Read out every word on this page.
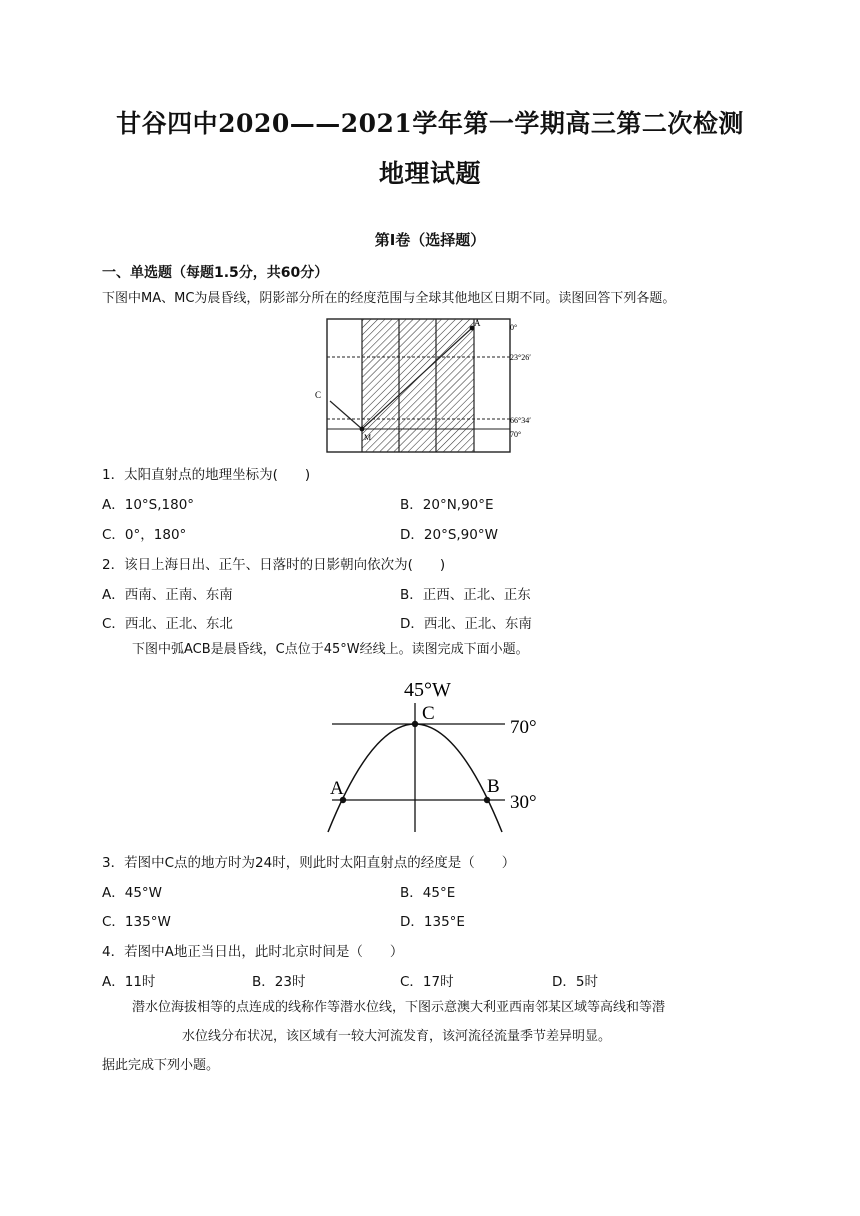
甘谷四中2020——2021学年第一学期高三第二次检测
地理试题
第Ⅰ卷（选择题）
一、单选题（每题1.5分，共60分）
下图中MA、MC为晨昏线，阴影部分所在的经度范围与全球其他地区日期不同。读图回答下列各题。
A
C
M
0°
23°26′
66°34′
70°
1．太阳直射点的地理坐标为(　　)
A．10°S,180°	B．20°N,90°E
C．0°，180°	D．20°S,90°W
2．该日上海日出、正午、日落时的日影朝向依次为(　　)
A．西南、正南、东南	B．正西、正北、正东
C．西北、正北、东北	D．西北、正北、东南
下图中弧ACB是晨昏线，C点位于45°W经线上。读图完成下面小题。
45°W
C
70°
A	B
30°
3．若图中C点的地方时为24时，则此时太阳直射点的经度是（　　）
A．45°W	B．45°E
C．135°W	D．135°E
4．若图中A地正当日出，此时北京时间是（　　）
A．11时	B．23时	C．17时	D．5时
潜水位海拔相等的点连成的线称作等潜水位线，下图示意澳大利亚西南邻某区域等高线和等潜
水位线分布状况，该区域有一较大河流发育，该河流径流量季节差异明显。
据此完成下列小题。
